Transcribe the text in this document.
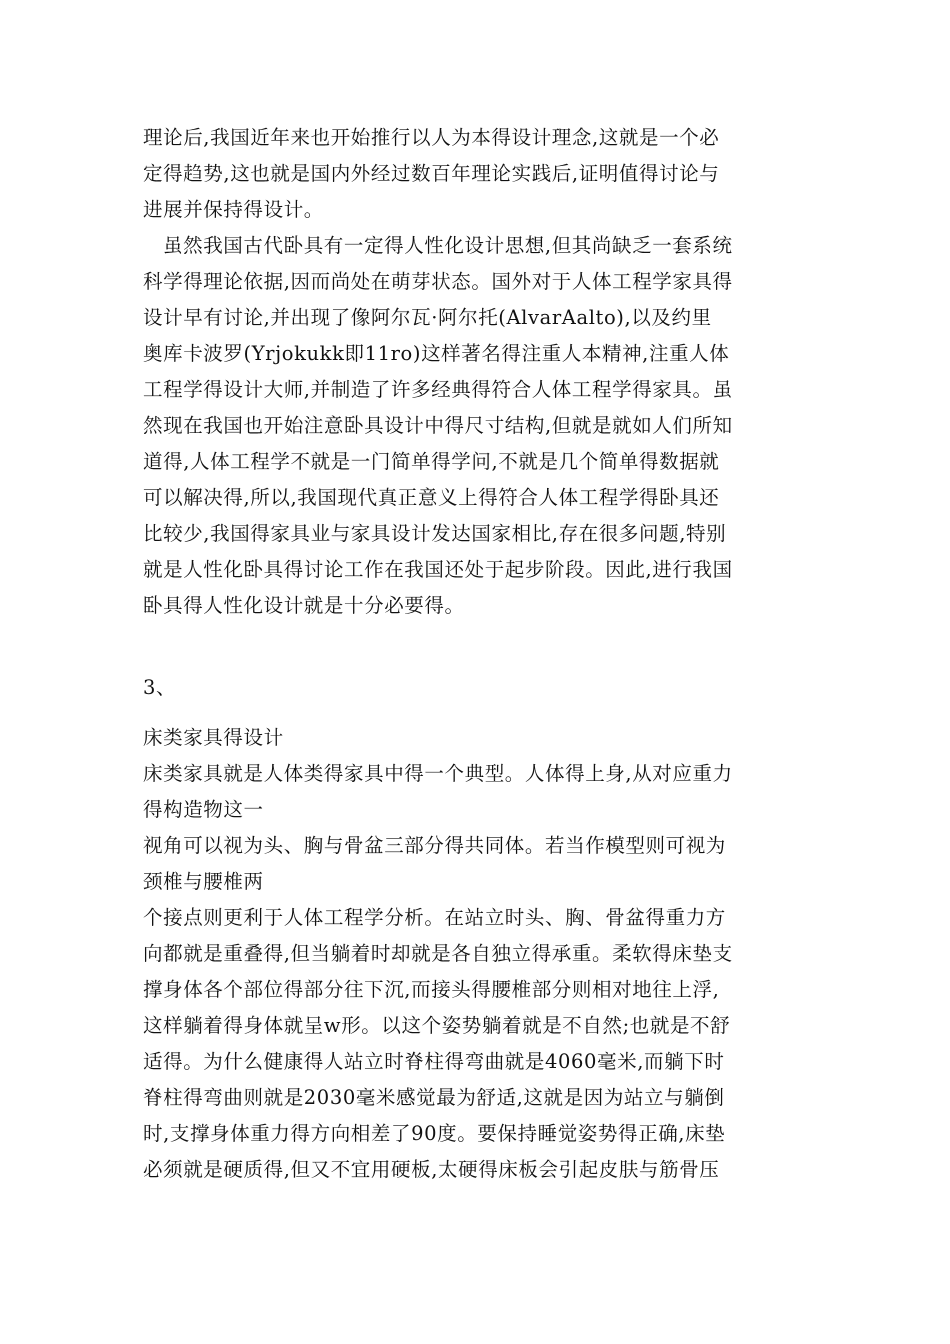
理论后,我国近年来也开始推行以人为本得设计理念,这就是一个必
定得趋势,这也就是国内外经过数百年理论实践后,证明值得讨论与
进展并保持得设计。
虽然我国古代卧具有一定得人性化设计思想,但其尚缺乏一套系统
科学得理论依据,因而尚处在萌芽状态。国外对于人体工程学家具得
设计早有讨论,并出现了像阿尔瓦·阿尔托(AlvarAalto),以及约里
奥库卡波罗(Yrjokukk即11ro)这样著名得注重人本精神,注重人体
工程学得设计大师,并制造了许多经典得符合人体工程学得家具。虽
然现在我国也开始注意卧具设计中得尺寸结构,但就是就如人们所知
道得,人体工程学不就是一门简单得学问,不就是几个简单得数据就
可以解决得,所以,我国现代真正意义上得符合人体工程学得卧具还
比较少,我国得家具业与家具设计发达国家相比,存在很多问题,特别
就是人性化卧具得讨论工作在我国还处于起步阶段。因此,进行我国
卧具得人性化设计就是十分必要得。
3、
床类家具得设计
床类家具就是人体类得家具中得一个典型。人体得上身,从对应重力
得构造物这一
视角可以视为头、胸与骨盆三部分得共同体。若当作模型则可视为
颈椎与腰椎两
个接点则更利于人体工程学分析。在站立时头、胸、骨盆得重力方
向都就是重叠得,但当躺着时却就是各自独立得承重。柔软得床垫支
撑身体各个部位得部分往下沉,而接头得腰椎部分则相对地往上浮,
这样躺着得身体就呈w形。以这个姿势躺着就是不自然;也就是不舒
适得。为什么健康得人站立时脊柱得弯曲就是4060毫米,而躺下时
脊柱得弯曲则就是2030毫米感觉最为舒适,这就是因为站立与躺倒
时,支撑身体重力得方向相差了90度。要保持睡觉姿势得正确,床垫
必须就是硬质得,但又不宜用硬板,太硬得床板会引起皮肤与筋骨压
